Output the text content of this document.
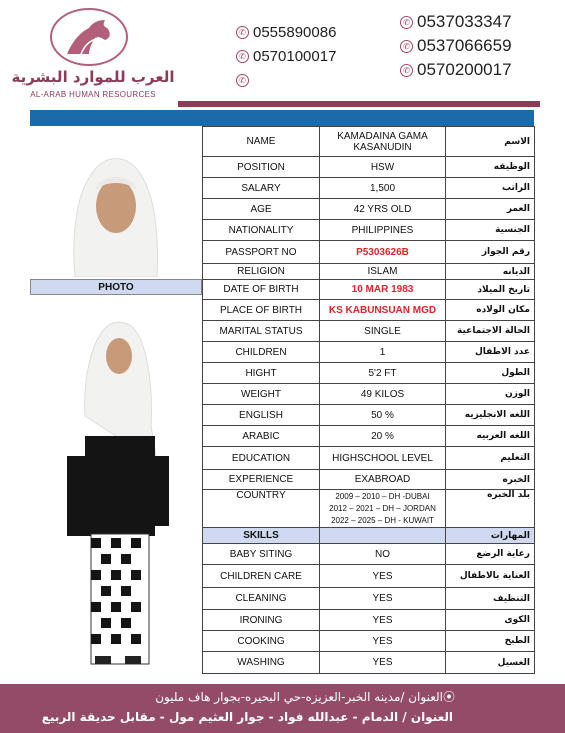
العرب للموارد البشرية
AL-ARAB HUMAN RESOURCES
✆ 0555890086
✆ 0570100017
✆
✆ 0537033347
✆ 0537066659
✆ 0570200017
PHOTO
NAME	KAMADAINA GAMA KASANUDIN	الاسم
POSITION	HSW	الوظيفه
SALARY	1,500	الراتب
AGE	42 YRS OLD	العمر
NATIONALITY	PHILIPPINES	الجنسية
PASSPORT NO	P5303626B	رقم الجواز
RELIGION	ISLAM	الديانه
DATE OF BIRTH	10 MAR 1983	تاريخ الميلاد
PLACE OF BIRTH	KS KABUNSUAN MGD	مكان الولاده
MARITAL STATUS	SINGLE	الحالة الاجتماعية
CHILDREN	1	عدد الاطفال
HIGHT	5'2 FT	الطول
WEIGHT	49 KILOS	الوزن
ENGLISH	50 %	اللغه الانجليزيه
ARABIC	20 %	اللغه العربيه
EDUCATION	HIGHSCHOOL LEVEL	التعليم
EXPERIENCE	EXABROAD	الخبره
COUNTRY	2009 – 2010 – DH -DUBAI
2012 – 2021 – DH – JORDAN
2022 – 2025 – DH - KUWAIT	بلد الخبره
SKILLS		المهارات
BABY SITING	NO	رعاية الرضع
CHILDREN CARE	YES	العناية بالاطفال
CLEANING	YES	التنظيف
IRONING	YES	الكوى
COOKING	YES	الطبخ
WASHING	YES	الغسيل
⦿العنوان /مدينه الخبر-العزيزه-حي البحيره-بجوار هاف مليون
العنوان / الدمام - عبدالله فواد - جوار العثيم مول - مقابل حديقة الربيع
